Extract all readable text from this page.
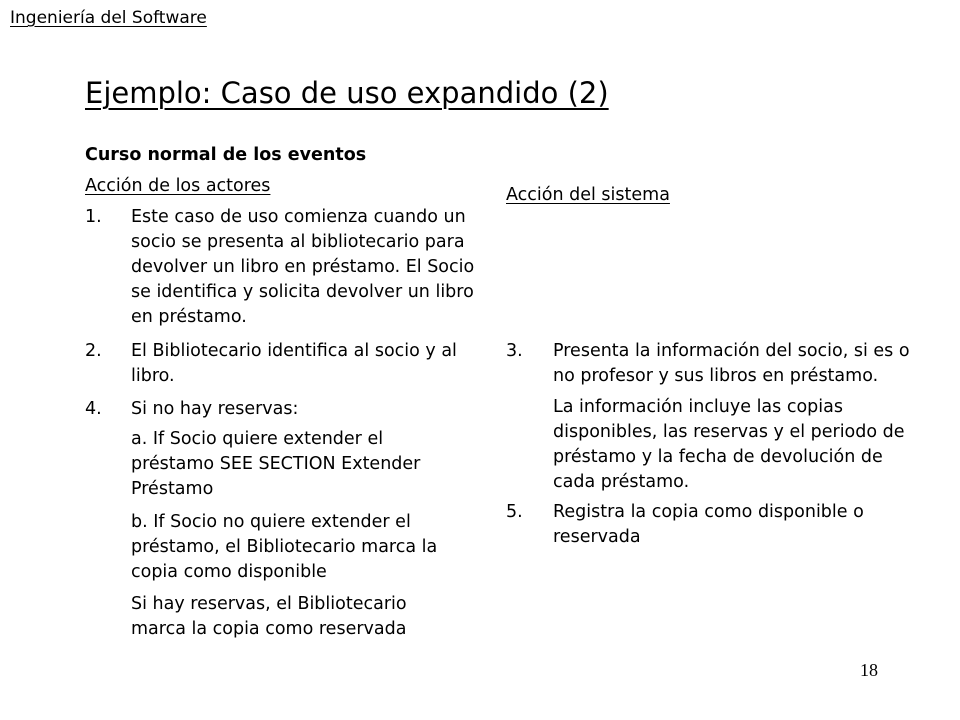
Ingeniería del Software
Ejemplo: Caso de uso expandido (2)
Curso normal de los eventos
Acción de los actores
1.	Este caso de uso comienza cuando un socio se presenta al bibliotecario para devolver un libro en préstamo. El Socio se identifica y solicita devolver un libro en préstamo.
2.	El Bibliotecario identifica al socio y al libro.
4.	Si no hay reservas:
a. If Socio quiere extender el préstamo SEE SECTION Extender Préstamo
b. If Socio no quiere extender el préstamo, el Bibliotecario marca la copia como disponible
Si hay reservas, el Bibliotecario marca la copia como reservada
Acción del sistema
3.	Presenta la información del socio, si es o no profesor y sus libros en préstamo.
La información incluye las copias disponibles, las reservas y el periodo de préstamo y la fecha de devolución de cada préstamo.
5.	Registra la copia como disponible o reservada
18
